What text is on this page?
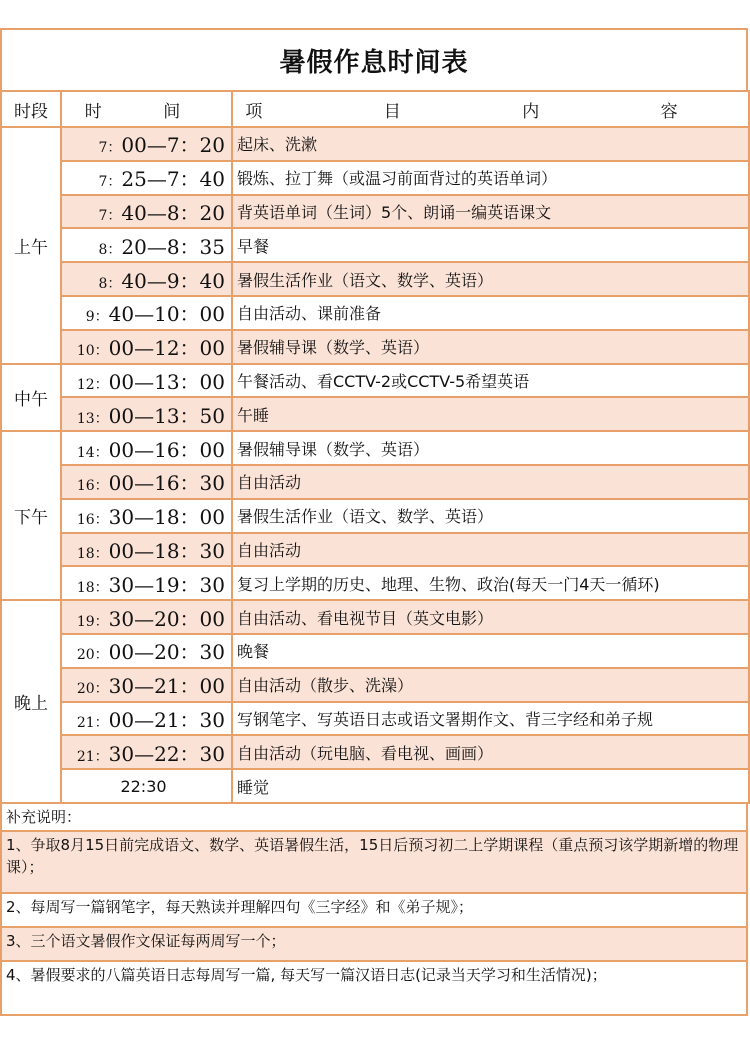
暑假作息时间表
时段	时 间	项 目 内 容
上午	7：00—7：20	起床、洗漱
	7：25—7：40	锻炼、拉丁舞（或温习前面背过的英语单词）
	7：40—8：20	背英语单词（生词）5个、朗诵一编英语课文
	8：20—8：35	早餐
	8：40—9：40	暑假生活作业（语文、数学、英语）
	9：40—10：00	自由活动、课前准备
	10：00—12：00	暑假辅导课（数学、英语）
中午	12：00—13：00	午餐活动、看CCTV-2或CCTV-5希望英语
	13：00—13：50	午睡
下午	14：00—16：00	暑假辅导课（数学、英语）
	16：00—16：30	自由活动
	16：30—18：00	暑假生活作业（语文、数学、英语）
	18：00—18：30	自由活动
	18：30—19：30	复习上学期的历史、地理、生物、政治(每天一门4天一循环)
晚上	19：30—20：00	自由活动、看电视节目（英文电影）
	20：00—20：30	晚餐
	20：30—21：00	自由活动（散步、洗澡）
	21：00—21：30	写钢笔字、写英语日志或语文署期作文、背三字经和弟子规
	21：30—22：30	自由活动（玩电脑、看电视、画画）
	22:30	睡觉
补充说明：
1、争取8月15日前完成语文、数学、英语暑假生活，15日后预习初二上学期课程（重点预习该学期新增的物理课）；
2、每周写一篇钢笔字，每天熟读并理解四句《三字经》和《弟子规》；
3、三个语文暑假作文保证每两周写一个；
4、暑假要求的八篇英语日志每周写一篇, 每天写一篇汉语日志(记录当天学习和生活情况)；
